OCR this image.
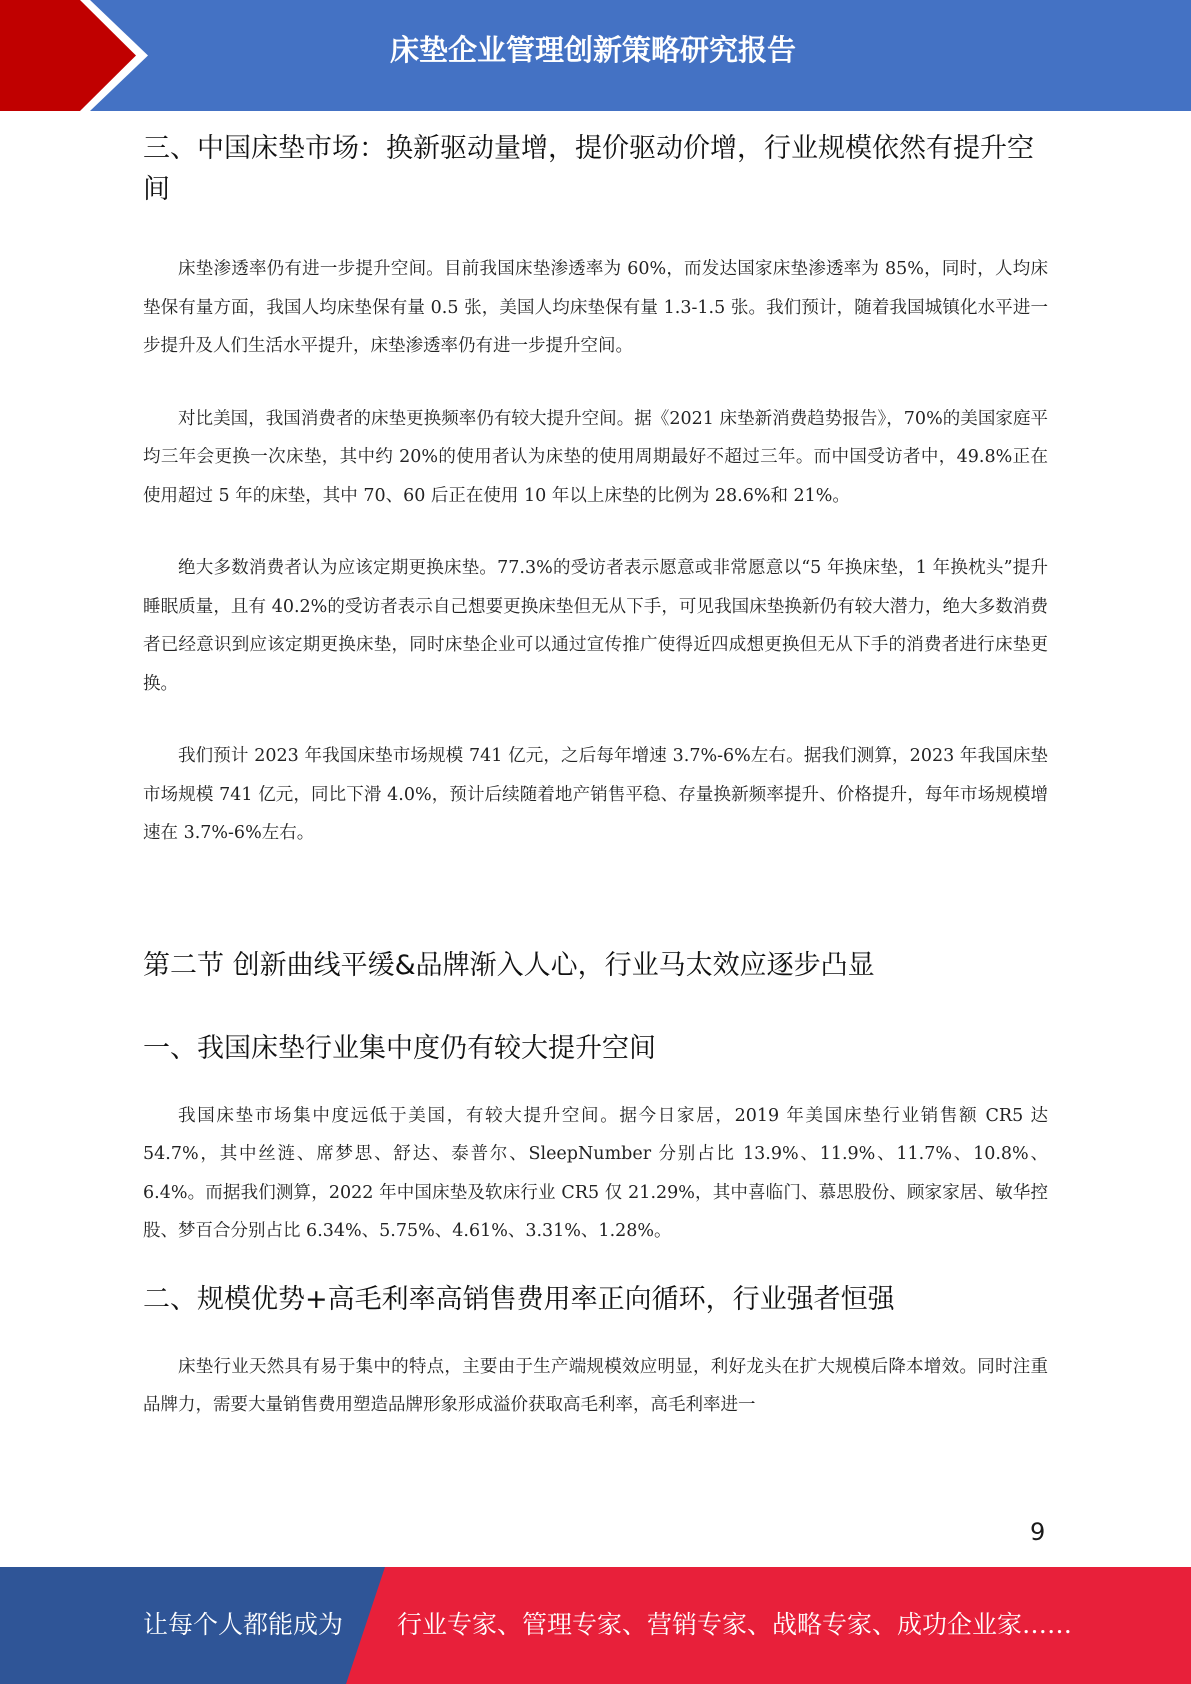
床垫企业管理创新策略研究报告
三、中国床垫市场：换新驱动量增，提价驱动价增，行业规模依然有提升空间

床垫渗透率仍有进一步提升空间。目前我国床垫渗透率为 60%，而发达国家床垫渗透率为 85%，同时，人均床垫保有量方面，我国人均床垫保有量 0.5 张，美国人均床垫保有量 1.3-1.5 张。我们预计，随着我国城镇化水平进一步提升及人们生活水平提升，床垫渗透率仍有进一步提升空间。

对比美国，我国消费者的床垫更换频率仍有较大提升空间。据《2021 床垫新消费趋势报告》，70%的美国家庭平均三年会更换一次床垫，其中约 20%的使用者认为床垫的使用周期最好不超过三年。而中国受访者中，49.8%正在使用超过 5 年的床垫，其中 70、60 后正在使用 10 年以上床垫的比例为 28.6%和 21%。

绝大多数消费者认为应该定期更换床垫。77.3%的受访者表示愿意或非常愿意以“5 年换床垫，1 年换枕头”提升睡眠质量，且有 40.2%的受访者表示自己想要更换床垫但无从下手，可见我国床垫换新仍有较大潜力，绝大多数消费者已经意识到应该定期更换床垫，同时床垫企业可以通过宣传推广使得近四成想更换但无从下手的消费者进行床垫更换。

我们预计 2023 年我国床垫市场规模 741 亿元，之后每年增速 3.7%-6%左右。据我们测算，2023 年我国床垫市场规模 741 亿元，同比下滑 4.0%，预计后续随着地产销售平稳、存量换新频率提升、价格提升，每年市场规模增速在 3.7%-6%左右。

第二节 创新曲线平缓&品牌渐入人心，行业马太效应逐步凸显
一、我国床垫行业集中度仍有较大提升空间

我国床垫市场集中度远低于美国，有较大提升空间。据今日家居，2019 年美国床垫行业销售额 CR5 达 54.7%，其中丝涟、席梦思、舒达、泰普尔、SleepNumber 分别占比 13.9%、11.9%、11.7%、10.8%、6.4%。而据我们测算，2022 年中国床垫及软床行业 CR5 仅 21.29%，其中喜临门、慕思股份、顾家家居、敏华控股、梦百合分别占比 6.34%、5.75%、4.61%、3.31%、1.28%。

二、规模优势+高毛利率高销售费用率正向循环，行业强者恒强

床垫行业天然具有易于集中的特点，主要由于生产端规模效应明显，利好龙头在扩大规模后降本增效。同时注重品牌力，需要大量销售费用塑造品牌形象形成溢价获取高毛利率，高毛利率进一

9
让每个人都能成为 行业专家、管理专家、营销专家、战略专家、成功企业家……
